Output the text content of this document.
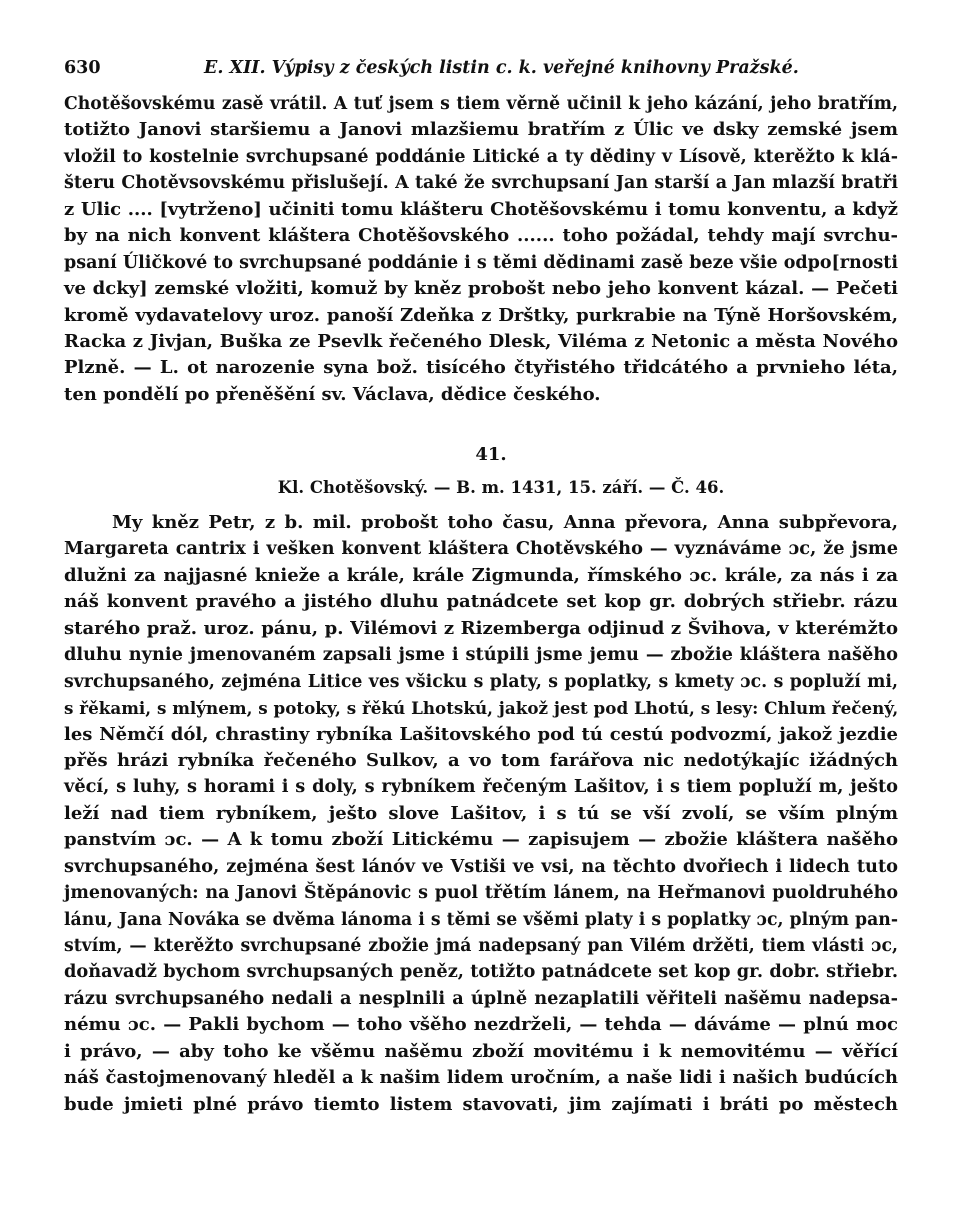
630	E. XII. Výpisy z českých listin c. k. veřejné knihovny Pražské.
Chotěšovskému zasě vrátil. A tuť jsem s tiem věrně učinil k jeho kázání, jeho bratřím,
totižto Janovi staršiemu a Janovi mlazšiemu bratřím z Úlic ve dsky zemské jsem
vložil to kostelnie svrchupsané poddánie Litické a ty dědiny v Lísově, kterěžto k klá-
šteru Chotěvsovskému přislušejí. A také že svrchupsaní Jan starší a Jan mlazší bratři
z Ulic .... [vytrženo] učiniti tomu klášteru Chotěšovskému i tomu konventu, a když
by na nich konvent kláštera Chotěšovského ...... toho požádal, tehdy mají svrchu-
psaní Úličkové to svrchupsané poddánie i s těmi dědinami zasě beze všie odpo[rnosti
ve dcky] zemské vložiti, komuž by kněz probošt nebo jeho konvent kázal. — Pečeti
kromě vydavatelovy uroz. panoší Zdeňka z Drštky, purkrabie na Týně Horšovském,
Racka z Jivjan, Buška ze Psevlk řečeného Dlesk, Viléma z Netonic a města Nového
Plzně. — L. ot narozenie syna bož. tisícého čtyřistého třidcátého a prvnieho léta,
ten pondělí po přeněšění sv. Václava, dědice českého.
41.
Kl. Chotěšovský. — B. m. 1431, 15. září. — Č. 46.
My kněz Petr, z b. mil. probošt toho času, Anna převora, Anna subpřevora,
Margareta cantrix i vešken konvent kláštera Chotěvského — vyznáváme ɔc, že jsme
dlužni za najjasné knieže a krále, krále Zigmunda, římského ɔc. krále, za nás i za
náš konvent pravého a jistého dluhu patnádcete set kop gr. dobrých střiebr. rázu
starého praž. uroz. pánu, p. Vilémovi z Rizemberga odjinud z Švihova, v kterémžto
dluhu nynie jmenovaném zapsali jsme i stúpili jsme jemu — zbožie kláštera našěho
svrchupsaného, zejména Litice ves všicku s platy, s poplatky, s kmety ɔc. s popluží mi,
s řěkami, s mlýnem, s potoky, s řěkú Lhotskú, jakož jest pod Lhotú, s lesy: Chlum řečený,
les Němčí dól, chrastiny rybníka Lašitovského pod tú cestú podvozmí, jakož jezdie
přěs hrázi rybníka řečeného Sulkov, a vo tom farářova nic nedotýkajíc ižádných
věcí, s luhy, s horami i s doly, s rybníkem řečeným Lašitov, i s tiem popluží m, ješto
leží nad tiem rybníkem, ješto slove Lašitov, i s tú se vší zvolí, se vším plným
panstvím ɔc. — A k tomu zboží Litickému — zapisujem — zbožie kláštera našěho
svrchupsaného, zejména šest lánóv ve Vstiši ve vsi, na těchto dvořiech i lidech tuto
jmenovaných: na Janovi Štěpánovic s puol třětím lánem, na Heřmanovi puoldruhého
lánu, Jana Nováka se dvěma lánoma i s těmi se všěmi platy i s poplatky ɔc, plným pan-
stvím, — kterěžto svrchupsané zbožie jmá nadepsaný pan Vilém držěti, tiem vlásti ɔc,
doňavadž bychom svrchupsaných peněz, totižto patnádcete set kop gr. dobr. střiebr.
rázu svrchupsaného nedali a nesplnili a úplně nezaplatili věřiteli našěmu nadepsa-
nému ɔc. — Pakli bychom — toho všěho nezdrželi, — tehda — dáváme — plnú moc
i právo, — aby toho ke všěmu našěmu zboží movitému i k nemovitému — věřící
náš častojmenovaný hleděl a k našim lidem uročním, a naše lidi i našich budúcích
bude jmieti plné právo tiemto listem stavovati, jim zajímati i bráti po městech
